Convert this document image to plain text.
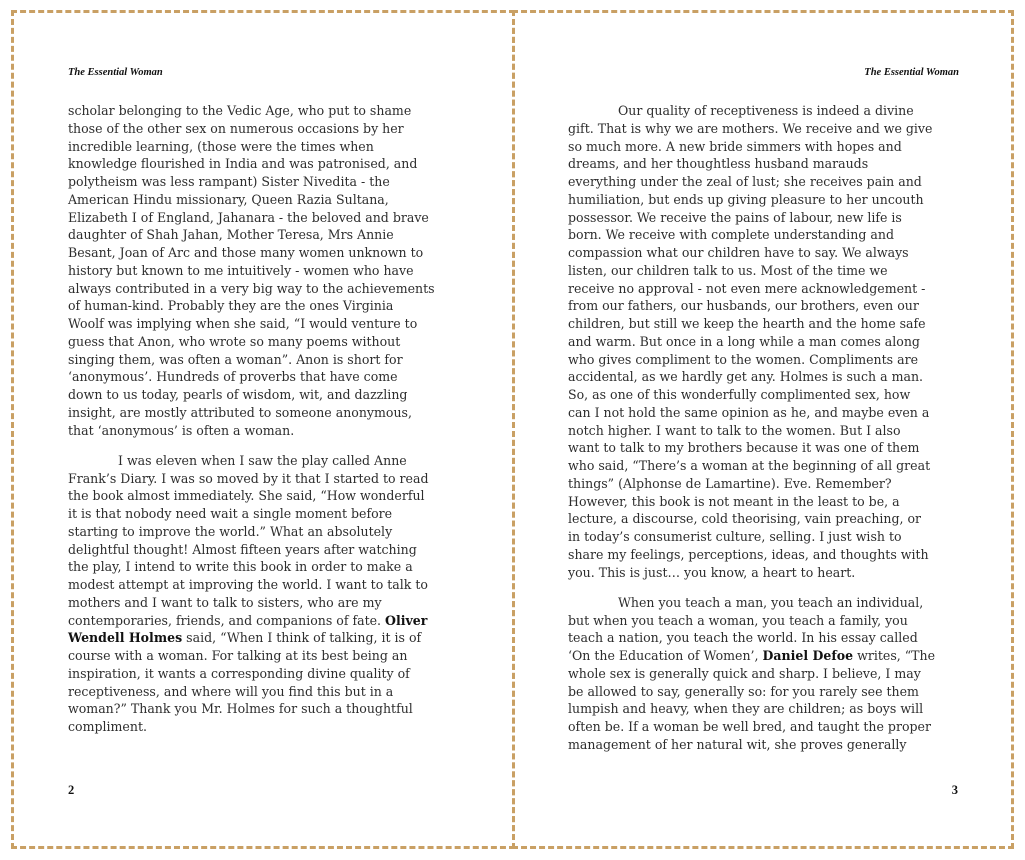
The Essential Woman

scholar belonging to the Vedic Age, who put to shame
those of the other sex on numerous occasions by her
incredible learning, (those were the times when
knowledge flourished in India and was patronised, and
polytheism was less rampant) Sister Nivedita - the
American Hindu missionary, Queen Razia Sultana,
Elizabeth I of England, Jahanara - the beloved and brave
daughter of Shah Jahan, Mother Teresa, Mrs Annie
Besant, Joan of Arc and those many women unknown to
history but known to me intuitively - women who have
always contributed in a very big way to the achievements
of human-kind. Probably they are the ones Virginia
Woolf was implying when she said, “I would venture to
guess that Anon, who wrote so many poems without
singing them, was often a woman”. Anon is short for
‘anonymous’. Hundreds of proverbs that have come
down to us today, pearls of wisdom, wit, and dazzling
insight, are mostly attributed to someone anonymous,
that ‘anonymous’ is often a woman.

I was eleven when I saw the play called Anne
Frank’s Diary. I was so moved by it that I started to read
the book almost immediately. She said, “How wonderful
it is that nobody need wait a single moment before
starting to improve the world.” What an absolutely
delightful thought! Almost fifteen years after watching
the play, I intend to write this book in order to make a
modest attempt at improving the world. I want to talk to
mothers and I want to talk to sisters, who are my
contemporaries, friends, and companions of fate. Oliver
Wendell Holmes said, “When I think of talking, it is of
course with a woman. For talking at its best being an
inspiration, it wants a corresponding divine quality of
receptiveness, and where will you find this but in a
woman?” Thank you Mr. Holmes for such a thoughtful
compliment.

2
The Essential Woman

Our quality of receptiveness is indeed a divine
gift. That is why we are mothers. We receive and we give
so much more. A new bride simmers with hopes and
dreams, and her thoughtless husband marauds
everything under the zeal of lust; she receives pain and
humiliation, but ends up giving pleasure to her uncouth
possessor. We receive the pains of labour, new life is
born. We receive with complete understanding and
compassion what our children have to say. We always
listen, our children talk to us. Most of the time we
receive no approval - not even mere acknowledgement -
from our fathers, our husbands, our brothers, even our
children, but still we keep the hearth and the home safe
and warm. But once in a long while a man comes along
who gives compliment to the women. Compliments are
accidental, as we hardly get any. Holmes is such a man.
So, as one of this wonderfully complimented sex, how
can I not hold the same opinion as he, and maybe even a
notch higher. I want to talk to the women. But I also
want to talk to my brothers because it was one of them
who said, “There’s a woman at the beginning of all great
things” (Alphonse de Lamartine). Eve. Remember?
However, this book is not meant in the least to be, a
lecture, a discourse, cold theorising, vain preaching, or
in today’s consumerist culture, selling. I just wish to
share my feelings, perceptions, ideas, and thoughts with
you. This is just… you know, a heart to heart.

When you teach a man, you teach an individual,
but when you teach a woman, you teach a family, you
teach a nation, you teach the world. In his essay called
‘On the Education of Women’, Daniel Defoe writes, “The
whole sex is generally quick and sharp. I believe, I may
be allowed to say, generally so: for you rarely see them
lumpish and heavy, when they are children; as boys will
often be. If a woman be well bred, and taught the proper
management of her natural wit, she proves generally

3
